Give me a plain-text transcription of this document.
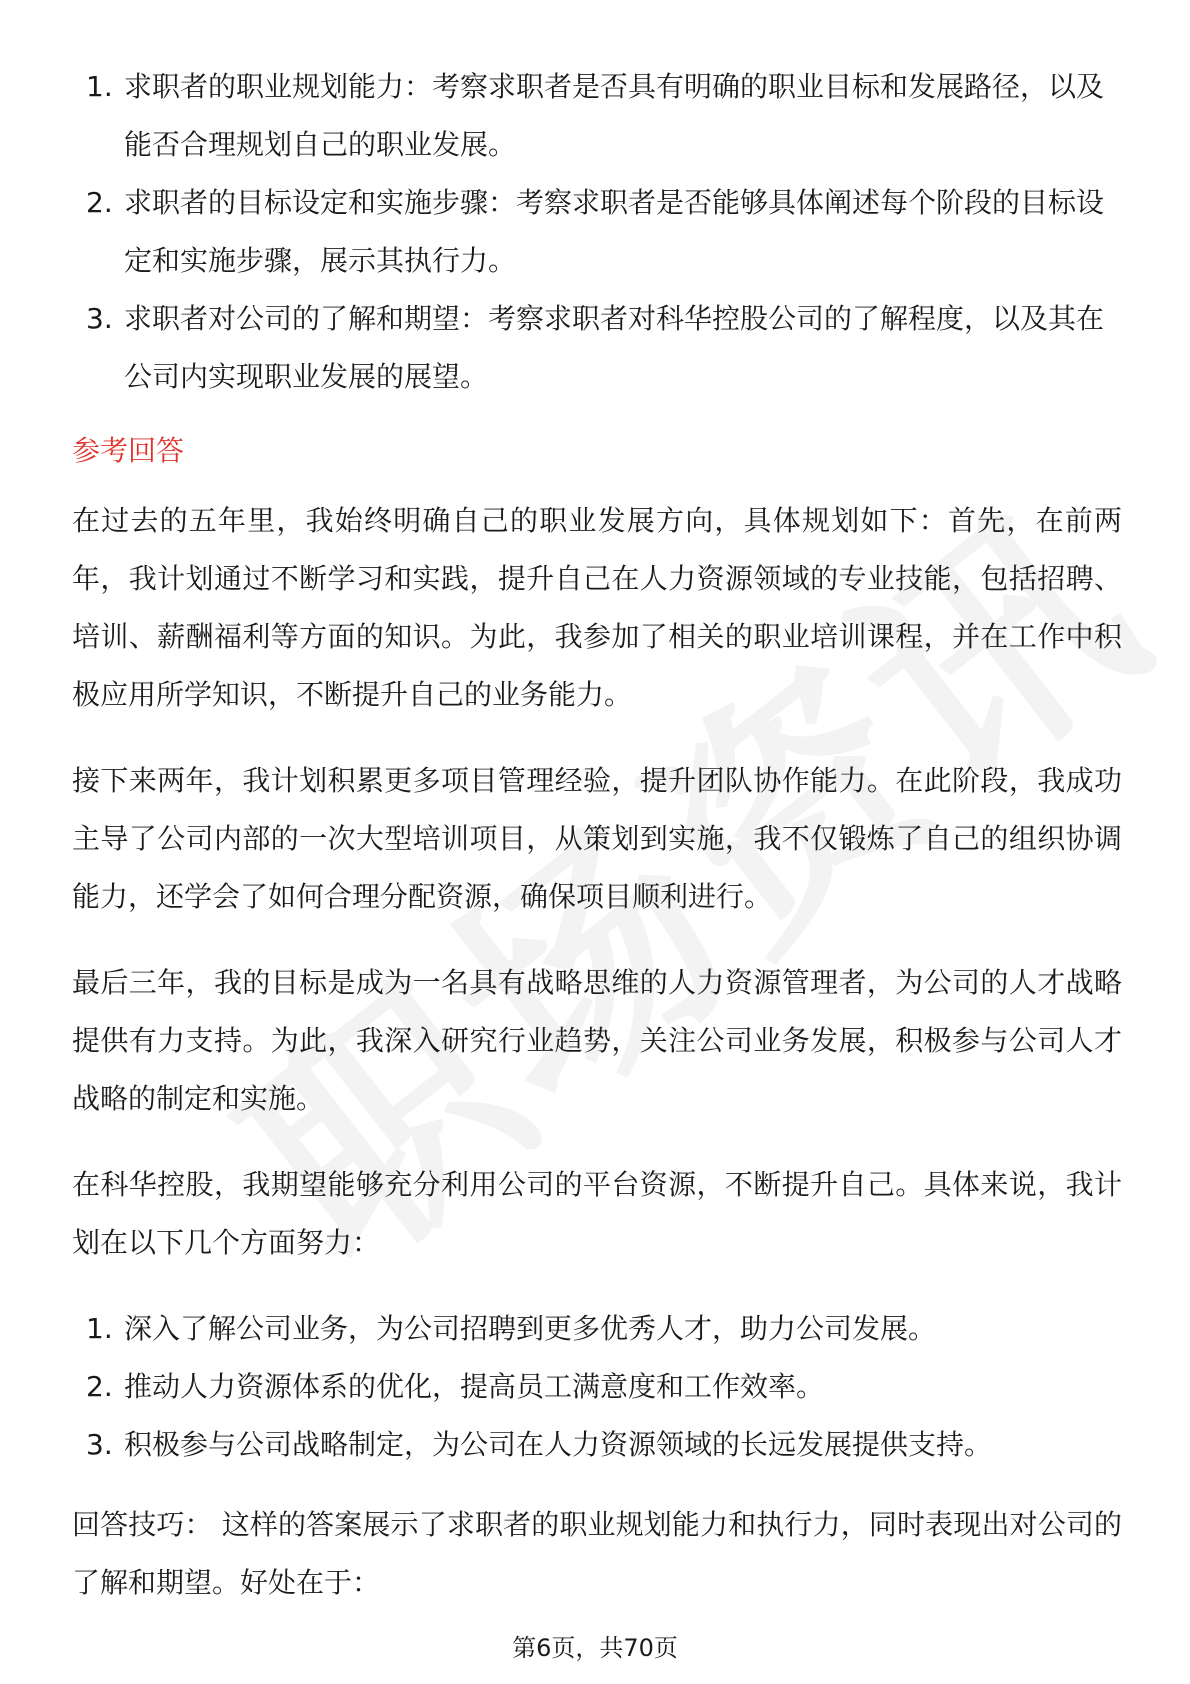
1. 求职者的职业规划能力：考察求职者是否具有明确的职业目标和发展路径，以及能否合理规划自己的职业发展。
2. 求职者的目标设定和实施步骤：考察求职者是否能够具体阐述每个阶段的目标设定和实施步骤，展示其执行力。
3. 求职者对公司的了解和期望：考察求职者对科华控股公司的了解程度，以及其在公司内实现职业发展的展望。
参考回答

在过去的五年里，我始终明确自己的职业发展方向，具体规划如下：首先，在前两年，我计划通过不断学习和实践，提升自己在人力资源领域的专业技能，包括招聘、培训、薪酬福利等方面的知识。为此，我参加了相关的职业培训课程，并在工作中积极应用所学知识，不断提升自己的业务能力。

接下来两年，我计划积累更多项目管理经验，提升团队协作能力。在此阶段，我成功主导了公司内部的一次大型培训项目，从策划到实施，我不仅锻炼了自己的组织协调能力，还学会了如何合理分配资源，确保项目顺利进行。

最后三年，我的目标是成为一名具有战略思维的人力资源管理者，为公司的人才战略提供有力支持。为此，我深入研究行业趋势，关注公司业务发展，积极参与公司人才战略的制定和实施。

在科华控股，我期望能够充分利用公司的平台资源，不断提升自己。具体来说，我计划在以下几个方面努力：

1. 深入了解公司业务，为公司招聘到更多优秀人才，助力公司发展。
2. 推动人力资源体系的优化，提高员工满意度和工作效率。
3. 积极参与公司战略制定，为公司在人力资源领域的长远发展提供支持。

回答技巧： 这样的答案展示了求职者的职业规划能力和执行力，同时表现出对公司的了解和期望。好处在于：

第6页，共70页
